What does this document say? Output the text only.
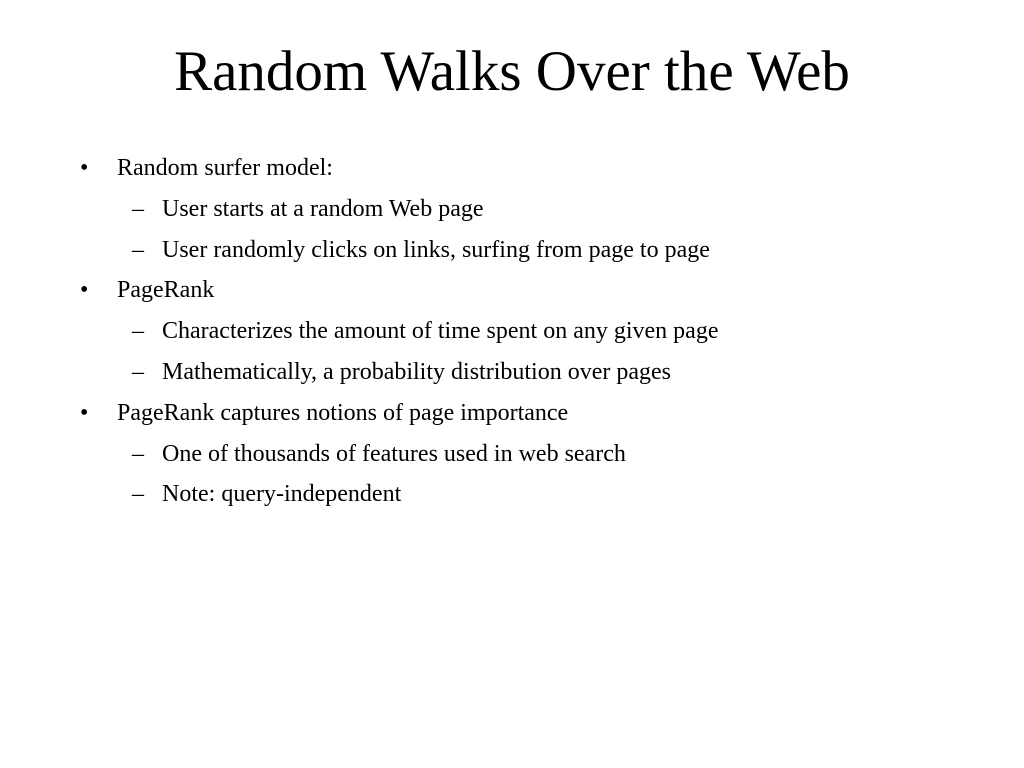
Random Walks Over the Web
• Random surfer model:
– User starts at a random Web page
– User randomly clicks on links, surfing from page to page
• PageRank
– Characterizes the amount of time spent on any given page
– Mathematically, a probability distribution over pages
• PageRank captures notions of page importance
– One of thousands of features used in web search
– Note: query-independent
